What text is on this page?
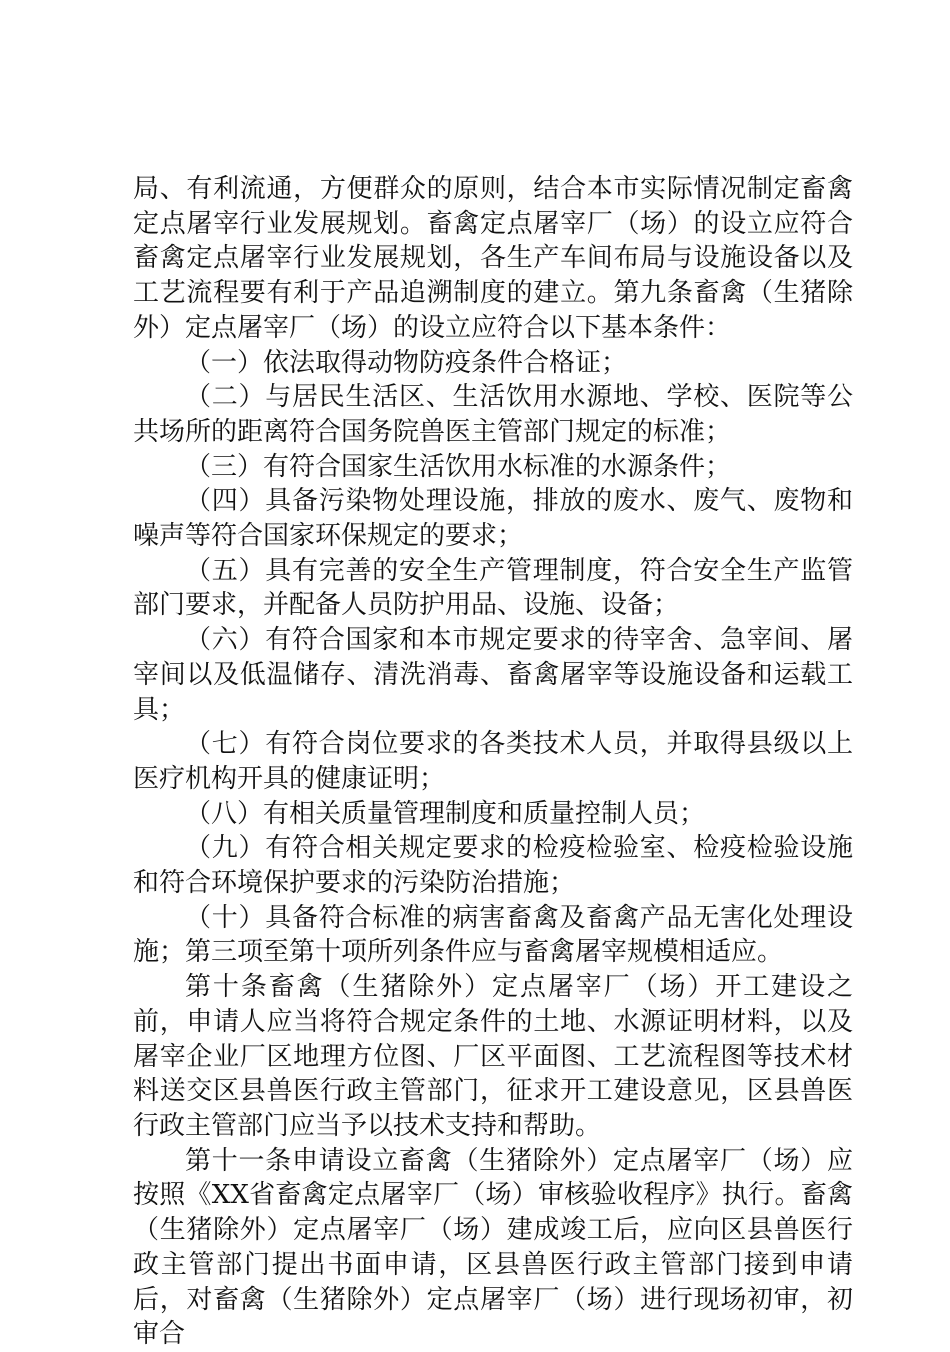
局、有利流通，方便群众的原则，结合本市实际情况制定畜禽定点屠宰行业发展规划。畜禽定点屠宰厂（场）的设立应符合畜禽定点屠宰行业发展规划，各生产车间布局与设施设备以及工艺流程要有利于产品追溯制度的建立。第九条畜禽（生猪除外）定点屠宰厂（场）的设立应符合以下基本条件：

（一）依法取得动物防疫条件合格证；

（二）与居民生活区、生活饮用水源地、学校、医院等公共场所的距离符合国务院兽医主管部门规定的标准；

（三）有符合国家生活饮用水标准的水源条件；

（四）具备污染物处理设施，排放的废水、废气、废物和噪声等符合国家环保规定的要求；

（五）具有完善的安全生产管理制度，符合安全生产监管部门要求，并配备人员防护用品、设施、设备；

（六）有符合国家和本市规定要求的待宰舍、急宰间、屠宰间以及低温储存、清洗消毒、畜禽屠宰等设施设备和运载工具；

（七）有符合岗位要求的各类技术人员，并取得县级以上医疗机构开具的健康证明；

（八）有相关质量管理制度和质量控制人员；

（九）有符合相关规定要求的检疫检验室、检疫检验设施和符合环境保护要求的污染防治措施；

（十）具备符合标准的病害畜禽及畜禽产品无害化处理设施；第三项至第十项所列条件应与畜禽屠宰规模相适应。

第十条畜禽（生猪除外）定点屠宰厂（场）开工建设之前，申请人应当将符合规定条件的土地、水源证明材料，以及屠宰企业厂区地理方位图、厂区平面图、工艺流程图等技术材料送交区县兽医行政主管部门，征求开工建设意见，区县兽医行政主管部门应当予以技术支持和帮助。

第十一条申请设立畜禽（生猪除外）定点屠宰厂（场）应按照《XX省畜禽定点屠宰厂（场）审核验收程序》执行。畜禽（生猪除外）定点屠宰厂（场）建成竣工后，应向区县兽医行政主管部门提出书面申请，区县兽医行政主管部门接到申请后，对畜禽（生猪除外）定点屠宰厂（场）进行现场初审，初审合
